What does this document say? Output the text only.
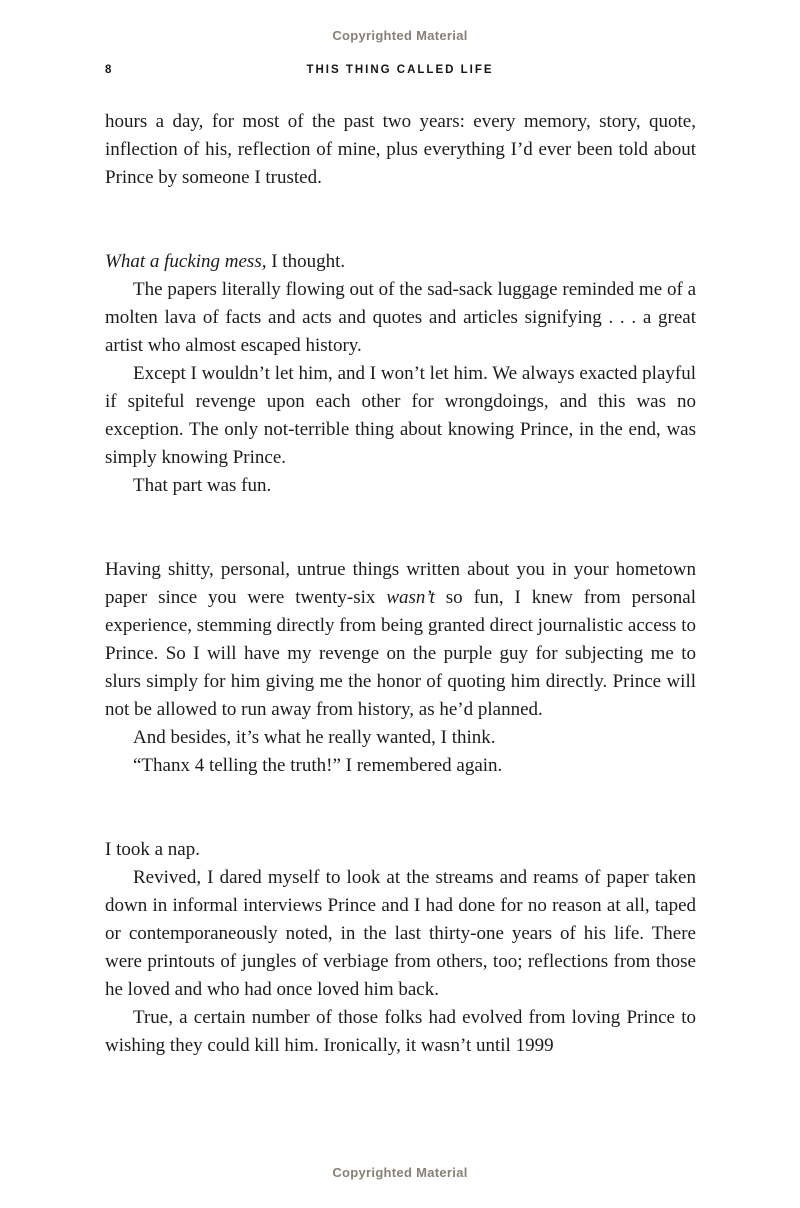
Copyrighted Material
8	THIS THING CALLED LIFE

hours a day, for most of the past two years: every memory, story, quote, inflection of his, reflection of mine, plus everything I’d ever been told about Prince by someone I trusted.

What a fucking mess, I thought.

The papers literally flowing out of the sad-sack luggage reminded me of a molten lava of facts and acts and quotes and articles signifying . . . a great artist who almost escaped history.

Except I wouldn’t let him, and I won’t let him. We always exacted playful if spiteful revenge upon each other for wrongdoings, and this was no exception. The only not-terrible thing about knowing Prince, in the end, was simply knowing Prince.

That part was fun.

Having shitty, personal, untrue things written about you in your hometown paper since you were twenty-six wasn’t so fun, I knew from personal experience, stemming directly from being granted direct journalistic access to Prince. So I will have my revenge on the purple guy for subjecting me to slurs simply for him giving me the honor of quoting him directly. Prince will not be allowed to run away from history, as he’d planned.

And besides, it’s what he really wanted, I think.

“Thanx 4 telling the truth!” I remembered again.

I took a nap.

Revived, I dared myself to look at the streams and reams of paper taken down in informal interviews Prince and I had done for no reason at all, taped or contemporaneously noted, in the last thirty-one years of his life. There were printouts of jungles of verbiage from others, too; reflections from those he loved and who had once loved him back.

True, a certain number of those folks had evolved from loving Prince to wishing they could kill him. Ironically, it wasn’t until 1999

Copyrighted Material
